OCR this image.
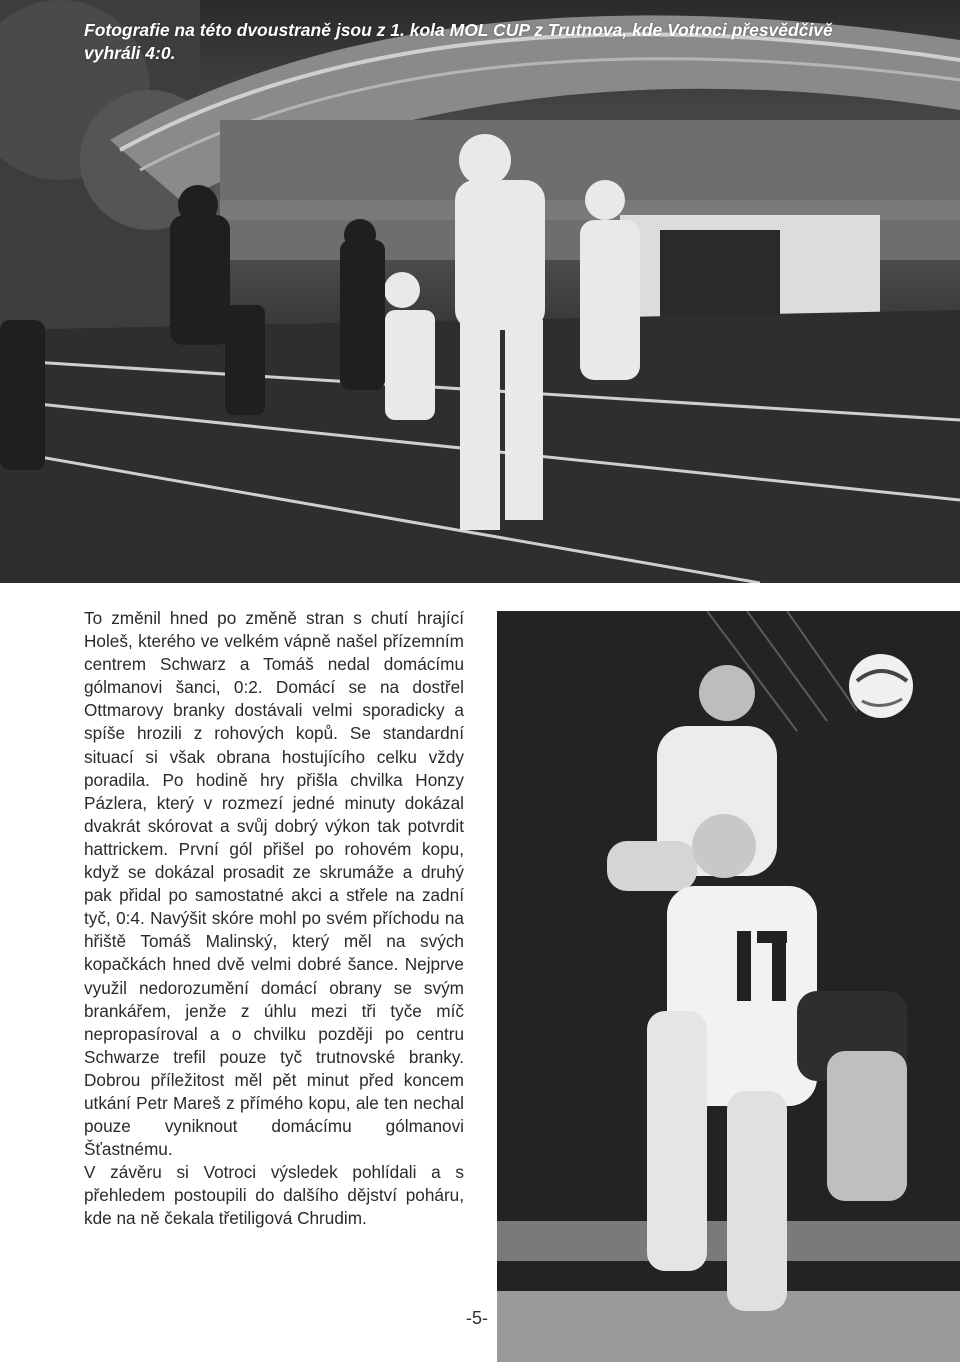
Fotografie na této dvoustraně jsou z 1. kola MOL CUP z Trutnova, kde Votroci přesvědčivě vyhráli 4:0.

To změnil hned po změně stran s chutí hrající Holeš, kterého ve velkém vápně našel přízemním centrem Schwarz a Tomáš nedal domácímu gólmanovi šanci, 0:2. Domácí se na dostřel Ottmarovy branky dostávali velmi sporadicky a spíše hrozili z rohových kopů. Se standardní situací si však obrana hostujícího celku vždy poradila. Po hodině hry přišla chvilka Honzy Pázlera, který v rozmezí jedné minuty dokázal dvakrát skórovat a svůj dobrý výkon tak potvrdit hattrickem. První gól přišel po rohovém kopu, když se dokázal prosadit ze skrumáže a druhý pak přidal po samostatné akci a střele na zadní tyč, 0:4. Navýšit skóre mohl po svém příchodu na hřiště Tomáš Malinský, který měl na svých kopačkách hned dvě velmi dobré šance. Nejprve využil nedorozumění domácí obrany se svým brankářem, jenže z úhlu mezi tři tyče míč nepropasíroval a o chvilku později po centru Schwarze trefil pouze tyč trutnovské branky. Dobrou příležitost měl pět minut před koncem utkání Petr Mareš z přímého kopu, ale ten nechal pouze vyniknout domácímu gólmanovi Šťastnému.

V závěru si Votroci výsledek pohlídali a s přehledem postoupili do dalšího dějství poháru, kde na ně čekala třetiligová Chrudim.

-5-
